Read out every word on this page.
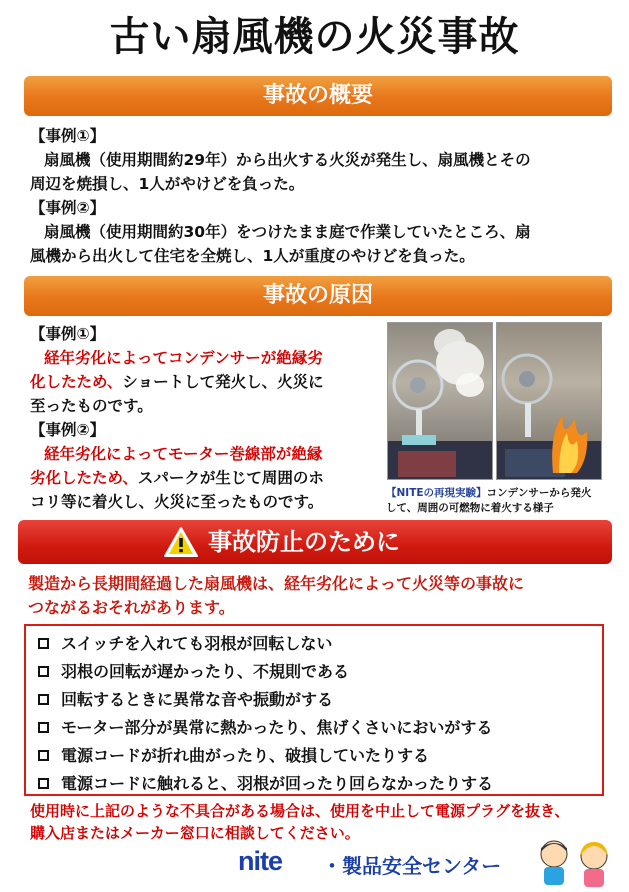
古い扇風機の火災事故
事故の概要
【事例①】
扇風機（使用期間約29年）から出火する火災が発生し、扇風機とその
周辺を焼損し、1人がやけどを負った。
【事例②】
扇風機（使用期間約30年）をつけたまま庭で作業していたところ、扇
風機から出火して住宅を全焼し、1人が重度のやけどを負った。
事故の原因
【事例①】
経年劣化によってコンデンサーが絶縁劣
化したため、ショートして発火し、火災に
至ったものです。
【事例②】
経年劣化によってモーター巻線部が絶縁
劣化したため、スパークが生じて周囲のホ
コリ等に着火し、火災に至ったものです。	【NITEの再現実験】コンデンサーから発火
して、周囲の可燃物に着火する様子
事故防止のために
製造から長期間経過した扇風機は、経年劣化によって火災等の事故に
つながるおそれがあります。
スイッチを入れても羽根が回転しない
羽根の回転が遅かったり、不規則である
回転するときに異常な音や振動がする
モーター部分が異常に熱かったり、焦げくさいにおいがする
電源コードが折れ曲がったり、破損していたりする
電源コードに触れると、羽根が回ったり回らなかったりする
使用時に上記のような不具合がある場合は、使用を中止して電源プラグを抜き、
購入店またはメーカー窓口に相談してください。
nite ・製品安全センター
